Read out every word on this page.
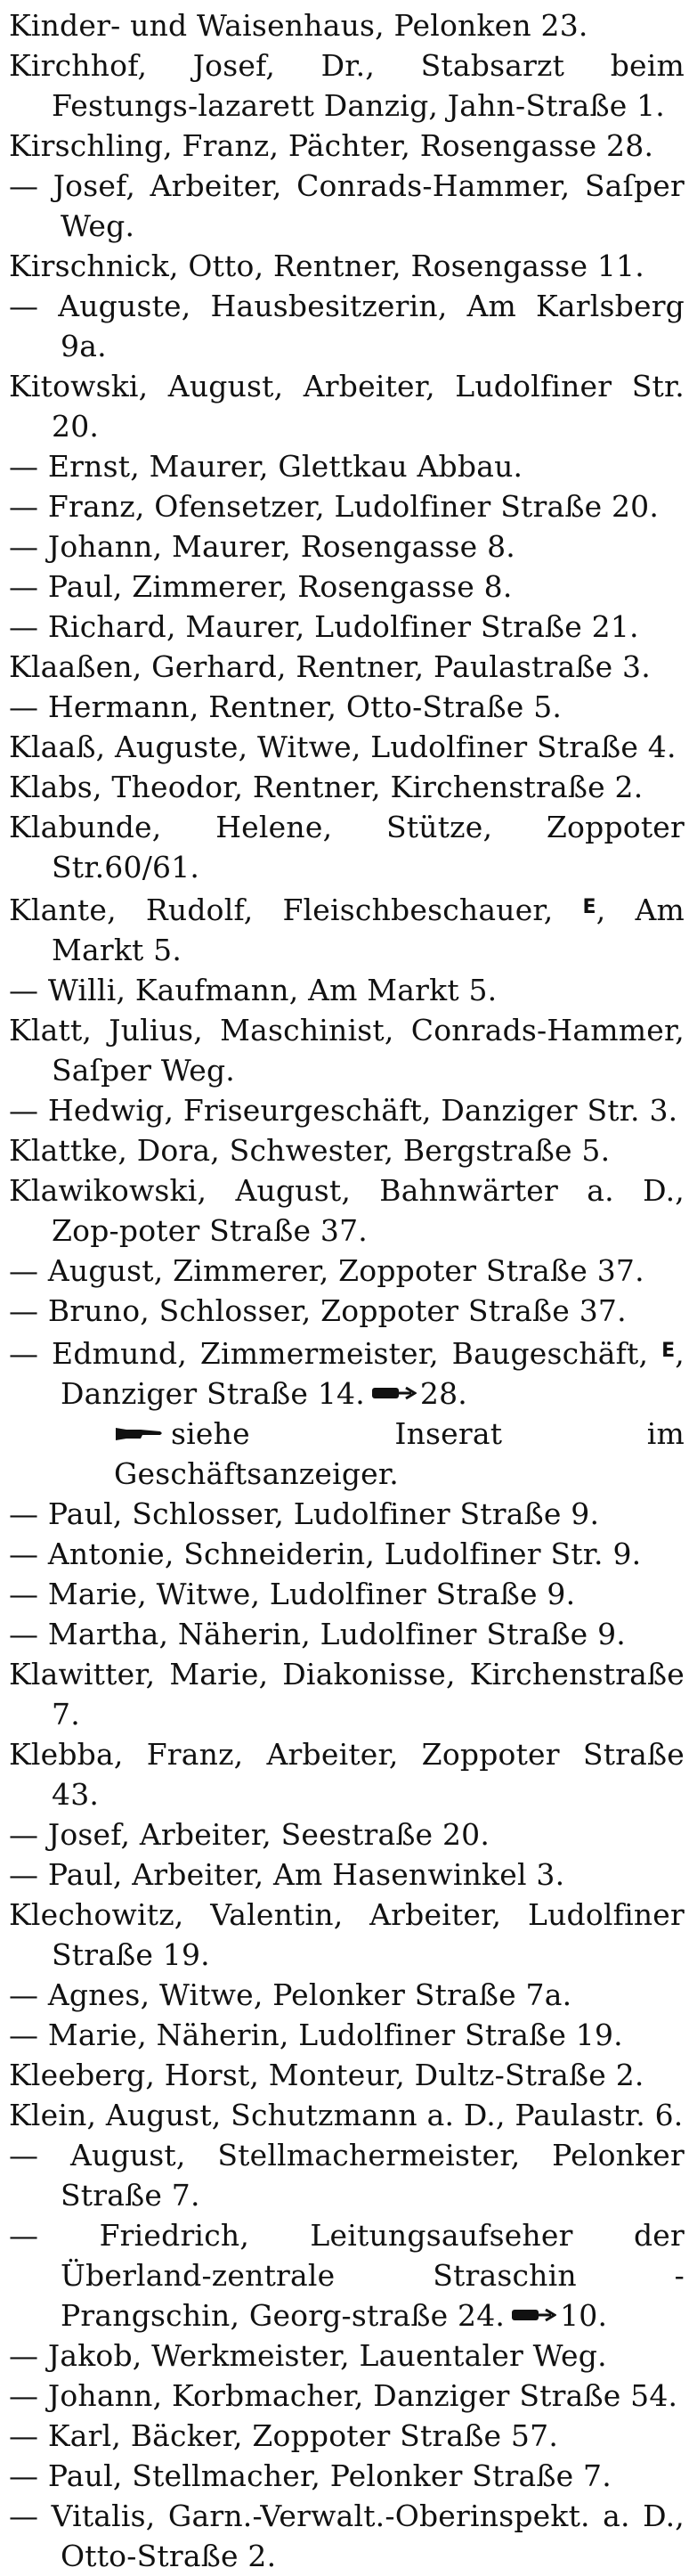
Kinder- und Waisenhaus, Pelonken 23.
Kirchhof, Josef, Dr., Stabsarzt beim Festungs-lazarett Danzig, Jahn-Straße 1.
Kirschling, Franz, Pächter, Rosengasse 28.
— Josef, Arbeiter, Conrads-Hammer, Saſper Weg.
Kirschnick, Otto, Rentner, Rosengasse 11.
— Auguste, Hausbesitzerin, Am Karlsberg 9a.
Kitowski, August, Arbeiter, Ludolfiner Str. 20.
— Ernst, Maurer, Glettkau Abbau.
— Franz, Ofensetzer, Ludolfiner Straße 20.
— Johann, Maurer, Rosengasse 8.
— Paul, Zimmerer, Rosengasse 8.
— Richard, Maurer, Ludolfiner Straße 21.
Klaaßen, Gerhard, Rentner, Paulastraße 3.
— Hermann, Rentner, Otto-Straße 5.
Klaaß, Auguste, Witwe, Ludolfiner Straße 4.
Klabs, Theodor, Rentner, Kirchenstraße 2.
Klabunde, Helene, Stütze, Zoppoter Str.60/61.
Klante, Rudolf, Fleischbeschauer, $^E$, Am Markt 5.
— Willi, Kaufmann, Am Markt 5.
Klatt, Julius, Maschinist, Conrads-Hammer, Saſper Weg.
— Hedwig, Friseurgeschäft, Danziger Str. 3.
Klattke, Dora, Schwester, Bergstraße 5.
Klawikowski, August, Bahnwärter a. D., Zop-poter Straße 37.
— August, Zimmerer, Zoppoter Straße 37.
— Bruno, Schlosser, Zoppoter Straße 37.
— Edmund, Zimmermeister, Baugeschäft, $^E$, Danziger Straße 14. 28.
siehe Inserat im Geschäftsanzeiger.
— Paul, Schlosser, Ludolfiner Straße 9.
— Antonie, Schneiderin, Ludolfiner Str. 9.
— Marie, Witwe, Ludolfiner Straße 9.
— Martha, Näherin, Ludolfiner Straße 9.
Klawitter, Marie, Diakonisse, Kirchenstraße 7.
Klebba, Franz, Arbeiter, Zoppoter Straße 43.
— Josef, Arbeiter, Seestraße 20.
— Paul, Arbeiter, Am Hasenwinkel 3.
Klechowitz, Valentin, Arbeiter, Ludolfiner Straße 19.
— Agnes, Witwe, Pelonker Straße 7a.
— Marie, Näherin, Ludolfiner Straße 19.
Kleeberg, Horst, Monteur, Dultz-Straße 2.
Klein, August, Schutzmann a. D., Paulastr. 6.
— August, Stellmachermeister, Pelonker Straße 7.
— Friedrich, Leitungsaufseher der Überland-zentrale Straschin - Prangschin, Georg-straße 24. 10.
— Jakob, Werkmeister, Lauentaler Weg.
— Johann, Korbmacher, Danziger Straße 54.
— Karl, Bäcker, Zoppoter Straße 57.
— Paul, Stellmacher, Pelonker Straße 7.
— Vitalis, Garn.-Verwalt.-Oberinspekt. a. D., Otto-Straße 2.
